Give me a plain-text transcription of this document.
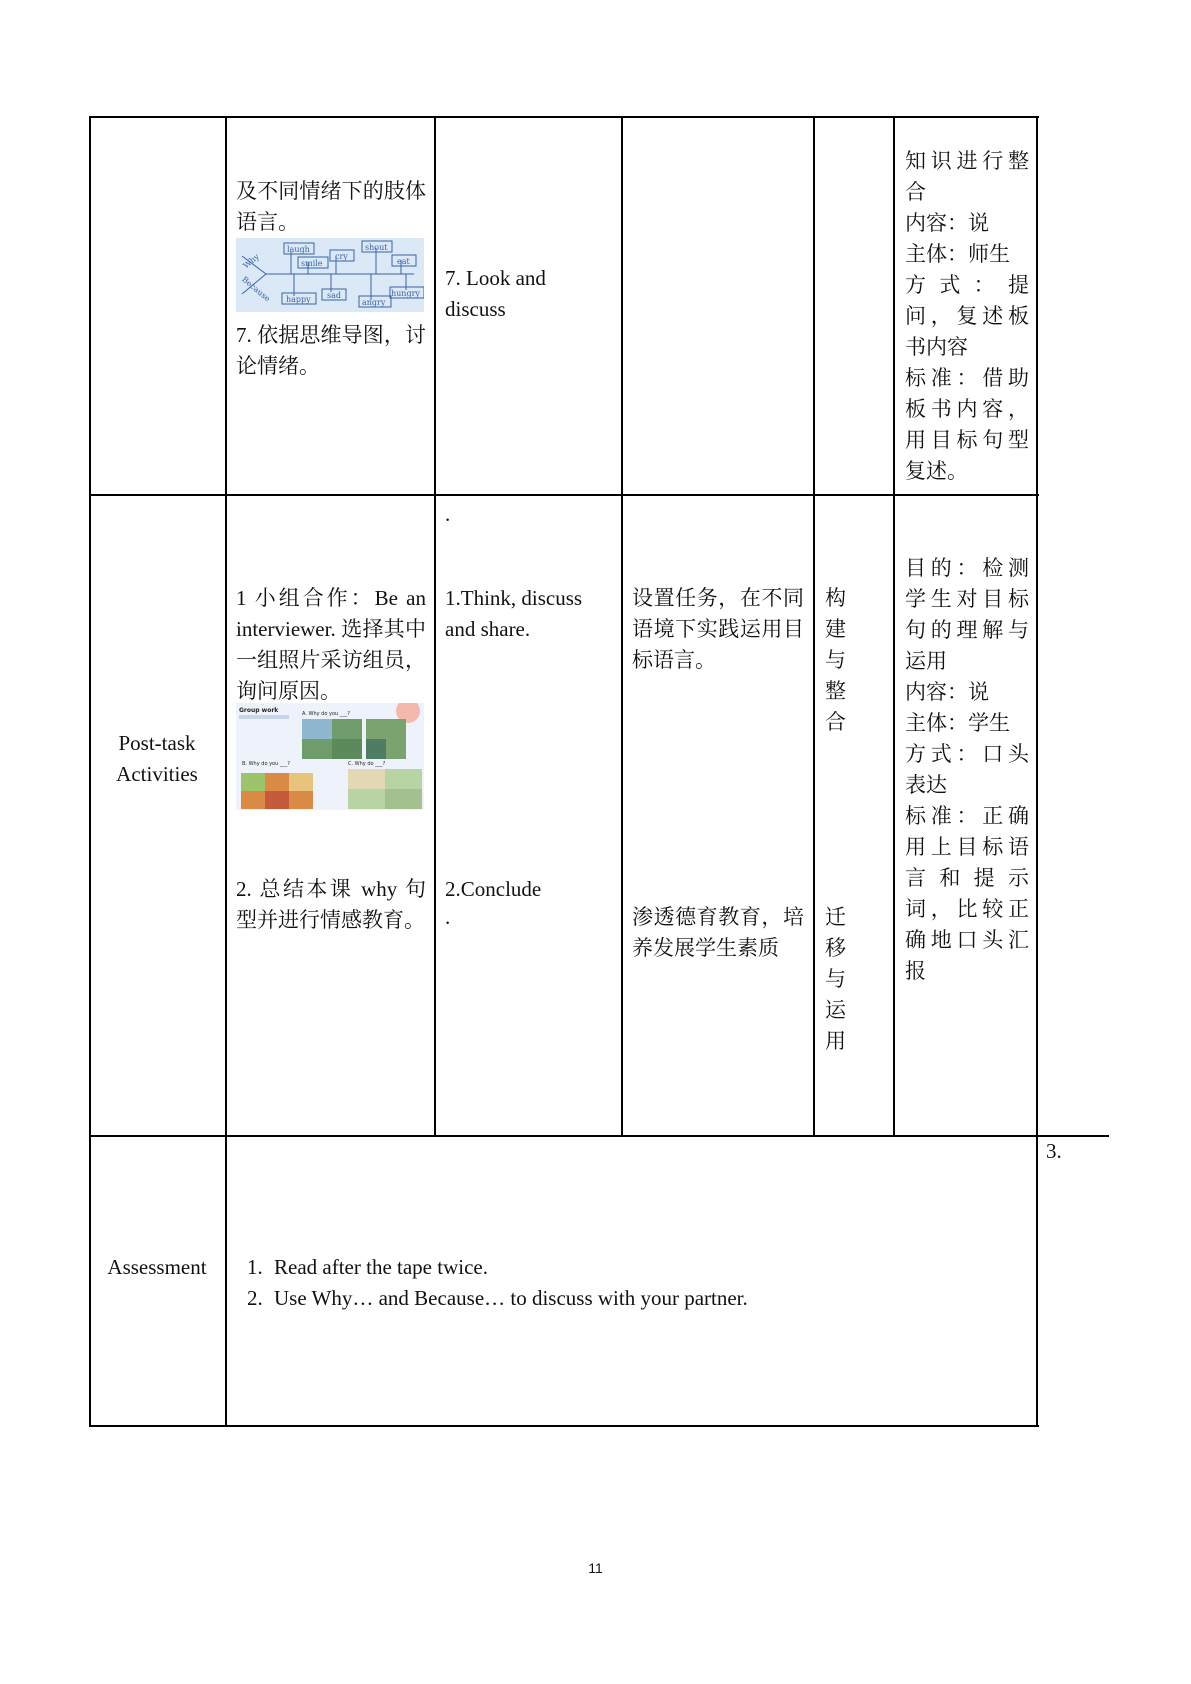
及不同情绪下的肢体语言。
laugh
smile
cry
shout
eat
happy sad
angry
hungry
Why
Because
7. 依据思维导图，讨论情绪。
7. Look and discuss
知识进行整合
内容：说
主体：师生
方式：提问，复述板书内容
标准：借助板书内容，用目标句型复述。
Post-task Activities
1 小组合作：Be an interviewer. 选择其中一组照片采访组员，询问原因。
Group work	A. Why do you ___?
B. Why do you ___?	C. Why do ___?
2. 总结本课 why 句型并进行情感教育。
.
1.Think, discuss and share.
2.Conclude
.
设置任务，在不同语境下实践运用目标语言。
渗透德育教育，培养发展学生素质
构 建 与 整 合
迁 移 与 运 用
目的：检测学生对目标句的理解与运用
内容：说
主体：学生
方式：口头表达
标准：正确用上目标语言和提示词，比较正确地口头汇报
Assessment
1.	Read after the tape twice.
2. Use Why… and Because… to discuss with your partner.
3.
11
